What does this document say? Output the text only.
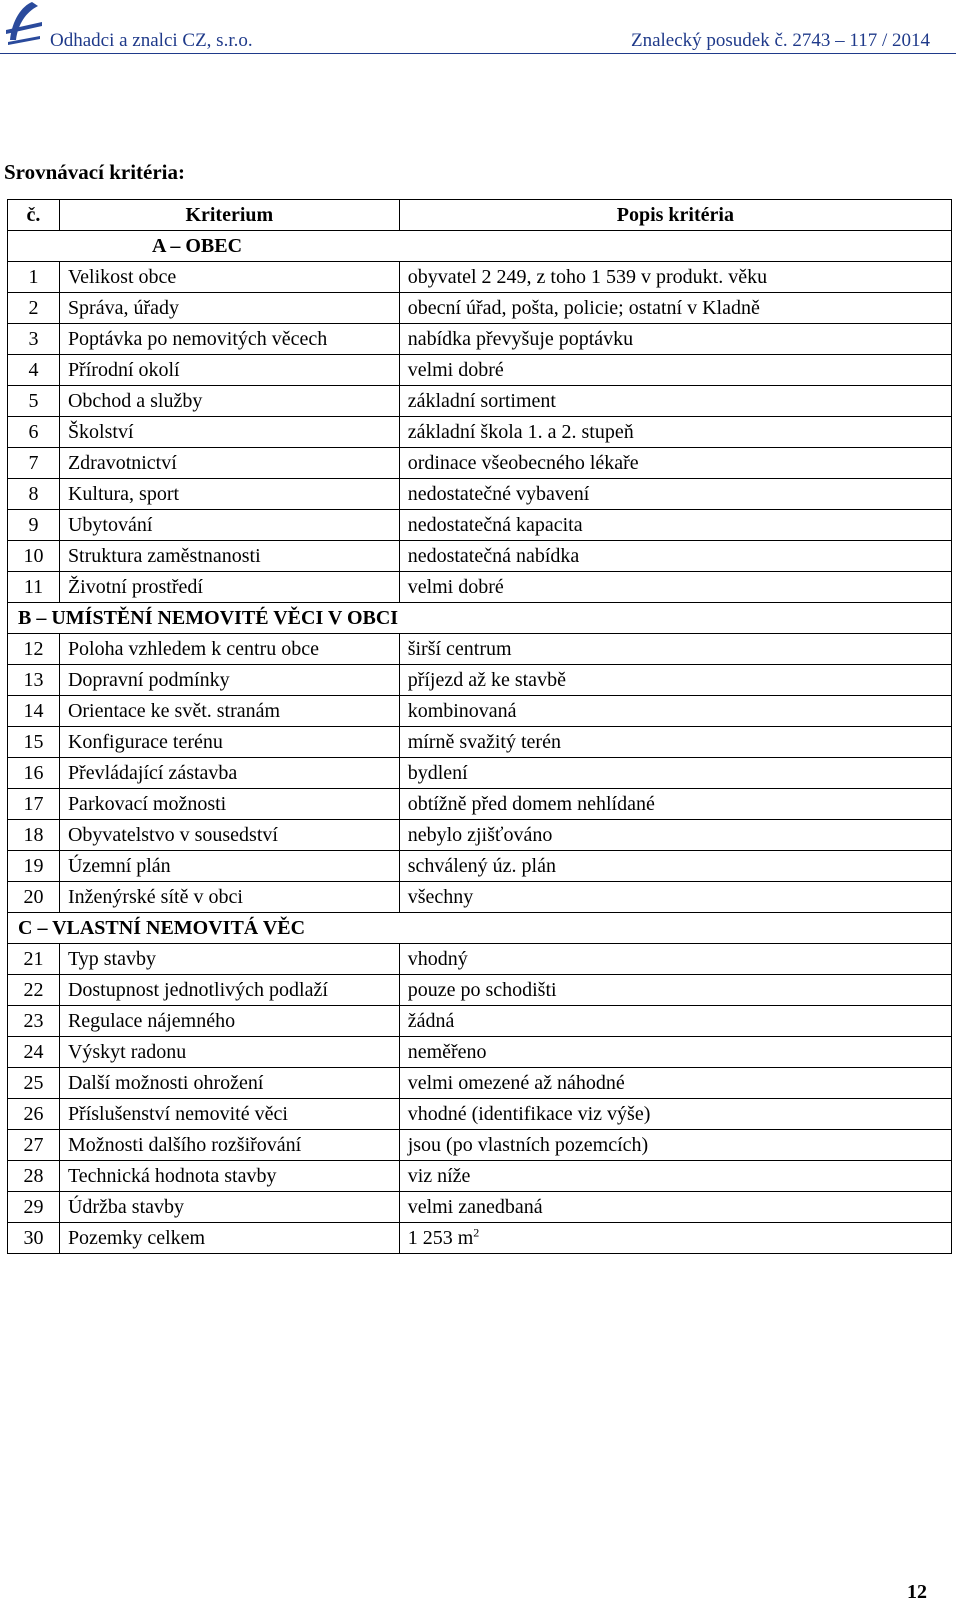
Odhadci a znalci CZ, s.r.o.	Znalecký posudek č. 2743 – 117 / 2014
Srovnávací kritéria:
č.	Kriterium	Popis kritéria
A – OBEC		
1	Velikost obce	obyvatel 2 249, z toho 1 539 v produkt. věku
2	Správa, úřady	obecní úřad, pošta, policie; ostatní v Kladně
3	Poptávka po nemovitých věcech	nabídka převyšuje poptávku
4	Přírodní okolí	velmi dobré
5	Obchod a služby	základní sortiment
6	Školství	základní škola 1. a 2. stupeň
7	Zdravotnictví	ordinace všeobecného lékaře
8	Kultura, sport	nedostatečné vybavení
9	Ubytování	nedostatečná kapacita
10	Struktura zaměstnanosti	nedostatečná nabídka
11	Životní prostředí	velmi dobré
B – UMÍSTĚNÍ NEMOVITÉ VĚCI V OBCI		
12	Poloha vzhledem k centru obce	širší centrum
13	Dopravní podmínky	příjezd až ke stavbě
14	Orientace ke svět. stranám	kombinovaná
15	Konfigurace terénu	mírně svažitý terén
16	Převládající zástavba	bydlení
17	Parkovací možnosti	obtížně před domem nehlídané
18	Obyvatelstvo v sousedství	nebylo zjišťováno
19	Územní plán	schválený úz. plán
20	Inženýrské sítě v obci	všechny
C – VLASTNÍ NEMOVITÁ VĚC		
21	Typ stavby	vhodný
22	Dostupnost jednotlivých podlaží	pouze po schodišti
23	Regulace nájemného	žádná
24	Výskyt radonu	neměřeno
25	Další možnosti ohrožení	velmi omezené až náhodné
26	Příslušenství nemovité věci	vhodné (identifikace viz výše)
27	Možnosti dalšího rozšiřování	jsou (po vlastních pozemcích)
28	Technická hodnota stavby	viz níže
29	Údržba stavby	velmi zanedbaná
30	Pozemky celkem	1 253 $m^2$
12
